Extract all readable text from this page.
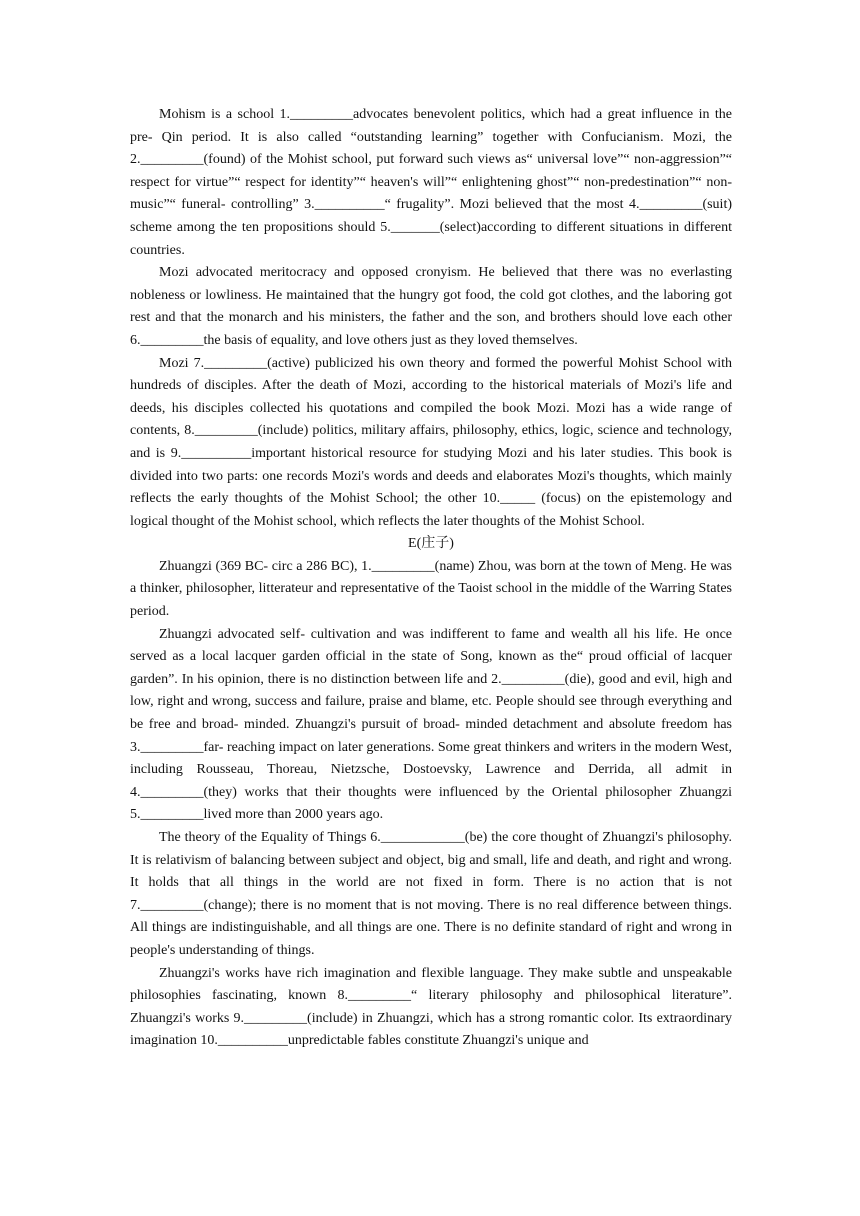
Mohism is a school 1._________advocates benevolent politics, which had a great influence in the pre- Qin period. It is also called “outstanding learning” together with Confucianism. Mozi, the 2._________(found) of the Mohist school, put forward such views as“ universal love”“ non-aggression”“ respect for virtue”“ respect for identity”“ heaven's will”“ enlightening ghost”“ non-predestination”“ non- music”“ funeral- controlling” 3.__________“ frugality”. Mozi believed that the most 4._________(suit) scheme among the ten propositions should 5._______(select)according to different situations in different countries.

Mozi advocated meritocracy and opposed cronyism. He believed that there was no everlasting nobleness or lowliness. He maintained that the hungry got food, the cold got clothes, and the laboring got rest and that the monarch and his ministers, the father and the son, and brothers should love each other 6._________the basis of equality, and love others just as they loved themselves.

Mozi 7._________(active) publicized his own theory and formed the powerful Mohist School with hundreds of disciples. After the death of Mozi, according to the historical materials of Mozi's life and deeds, his disciples collected his quotations and compiled the book Mozi. Mozi has a wide range of contents, 8._________(include) politics, military affairs, philosophy, ethics, logic, science and technology, and is 9.__________important historical resource for studying Mozi and his later studies. This book is divided into two parts: one records Mozi's words and deeds and elaborates Mozi's thoughts, which mainly reflects the early thoughts of the Mohist School; the other 10._____ (focus) on the epistemology and logical thought of the Mohist school, which reflects the later thoughts of the Mohist School.

E(庄子)

Zhuangzi (369 BC- circ a 286 BC), 1._________(name) Zhou, was born at the town of Meng. He was a thinker, philosopher, litterateur and representative of the Taoist school in the middle of the Warring States period.

Zhuangzi advocated self- cultivation and was indifferent to fame and wealth all his life. He once served as a local lacquer garden official in the state of Song, known as the“ proud official of lacquer garden”. In his opinion, there is no distinction between life and 2._________(die), good and evil, high and low, right and wrong, success and failure, praise and blame, etc. People should see through everything and be free and broad- minded. Zhuangzi's pursuit of broad- minded detachment and absolute freedom has 3._________far- reaching impact on later generations. Some great thinkers and writers in the modern West, including Rousseau, Thoreau, Nietzsche, Dostoevsky, Lawrence and Derrida, all admit in 4._________(they) works that their thoughts were influenced by the Oriental philosopher Zhuangzi 5._________lived more than 2000 years ago.

The theory of the Equality of Things 6.____________(be) the core thought of Zhuangzi's philosophy. It is relativism of balancing between subject and object, big and small, life and death, and right and wrong. It holds that all things in the world are not fixed in form. There is no action that is not 7._________(change); there is no moment that is not moving. There is no real difference between things. All things are indistinguishable, and all things are one. There is no definite standard of right and wrong in people's understanding of things.

Zhuangzi's works have rich imagination and flexible language. They make subtle and unspeakable philosophies fascinating, known 8._________“ literary philosophy and philosophical literature”. Zhuangzi's works 9._________(include) in Zhuangzi, which has a strong romantic color. Its extraordinary imagination 10.__________unpredictable fables constitute Zhuangzi's unique and
